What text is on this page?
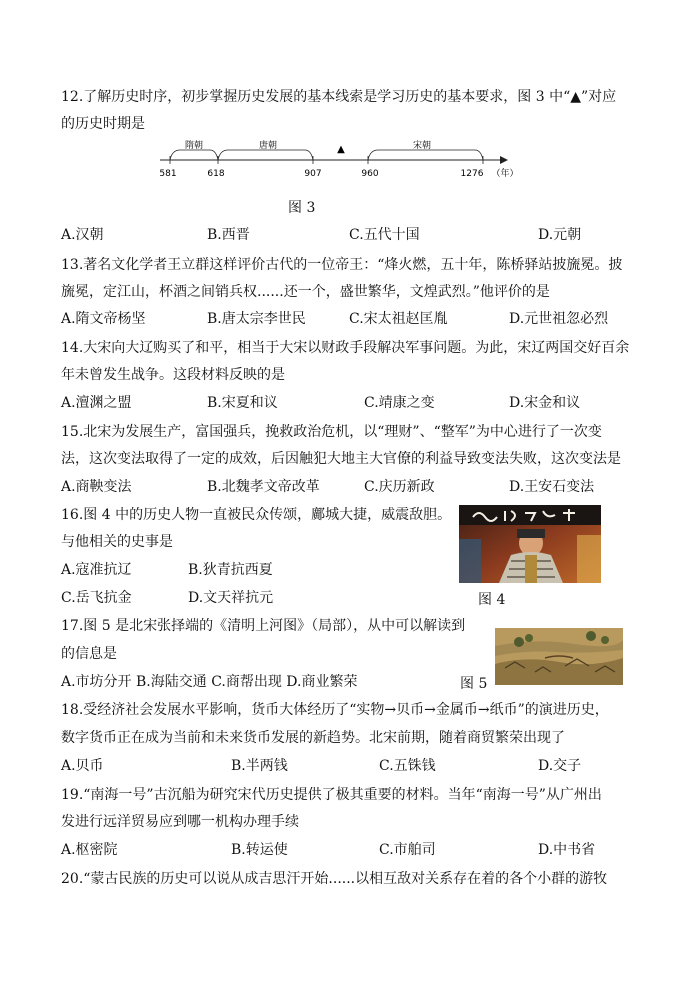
12.了解历史时序，初步掌握历史发展的基本线索是学习历史的基本要求，图 3 中“▲”对应
的历史时期是
隋朝	唐朝	▲	宋朝
581	618	907	960	1276 （年）
图 3
A.汉朝	B.西晋	C.五代十国	D.元朝
13.著名文化学者王立群这样评价古代的一位帝王：“烽火燃，五十年，陈桥驿站披旒冕。披
旒冕，定江山，杯酒之间销兵权......还一个，盛世繁华，文煌武烈。”他评价的是
A.隋文帝杨坚	B.唐太宗李世民	C.宋太祖赵匡胤	D.元世祖忽必烈
14.大宋向大辽购买了和平，相当于大宋以财政手段解决军事问题。为此，宋辽两国交好百余
年未曾发生战争。这段材料反映的是
A.澶渊之盟	B.宋夏和议	C.靖康之变	D.宋金和议
15.北宋为发展生产，富国强兵，挽救政治危机，以“理财”、“整军”为中心进行了一次变
法，这次变法取得了一定的成效，后因触犯大地主大官僚的利益导致变法失败，这次变法是
A.商鞅变法	B.北魏孝文帝改革	C.庆历新政	D.王安石变法
16.图 4 中的历史人物一直被民众传颂，鄺城大捷，威震敌胆。
与他相关的史事是
A.寇准抗辽	B.狄青抗西夏
C.岳飞抗金	D.文天祥抗元	图 4
17.图 5 是北宋张择端的《清明上河图》（局部），从中可以解读到
的信息是
A.市坊分开 B.海陆交通 C.商帮出现 D.商业繁荣	图 5
18.受经济社会发展水平影响，货币大体经历了“实物→贝币→金属币→纸币”的演进历史，
数字货币正在成为当前和未来货币发展的新趋势。北宋前期，随着商贸繁荣出现了
A.贝币	B.半两钱	C.五铢钱	D.交子
19.“南海一号”古沉船为研究宋代历史提供了极其重要的材料。当年“南海一号”从广州出
发进行远洋贸易应到哪一机构办理手续
A.枢密院	B.转运使	C.市舶司	D.中书省
20.“蒙古民族的历史可以说从成吉思汗开始......以相互敌对关系存在着的各个小群的游牧
